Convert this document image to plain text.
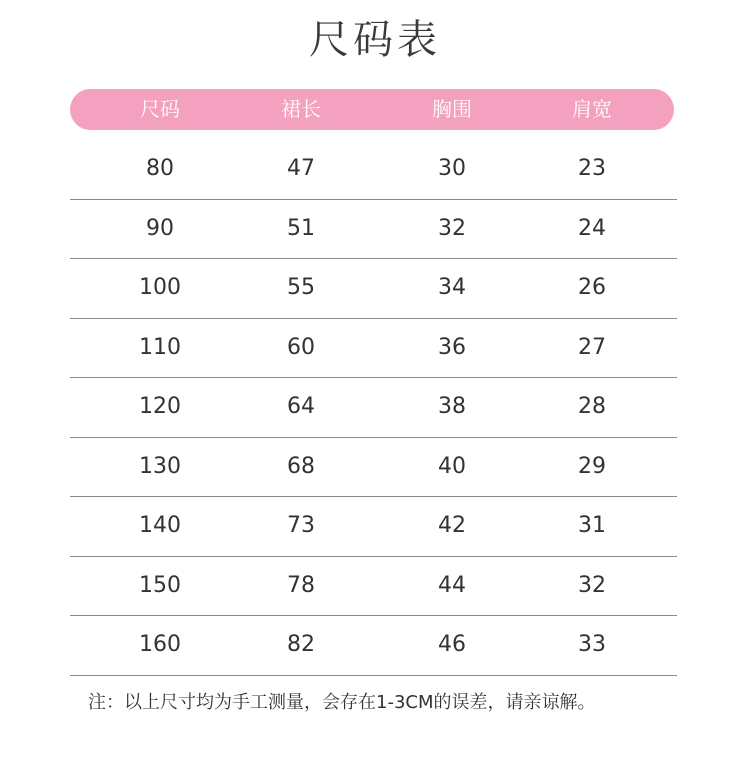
尺码表
尺码	裙长	胸围	肩宽
80	47	30	23
90	51	32	24
100	55	34	26
110	60	36	27
120	64	38	28
130	68	40	29
140	73	42	31
150	78	44	32
160	82	46	33
注：以上尺寸均为手工测量，会存在1-3CM的误差，请亲谅解。
